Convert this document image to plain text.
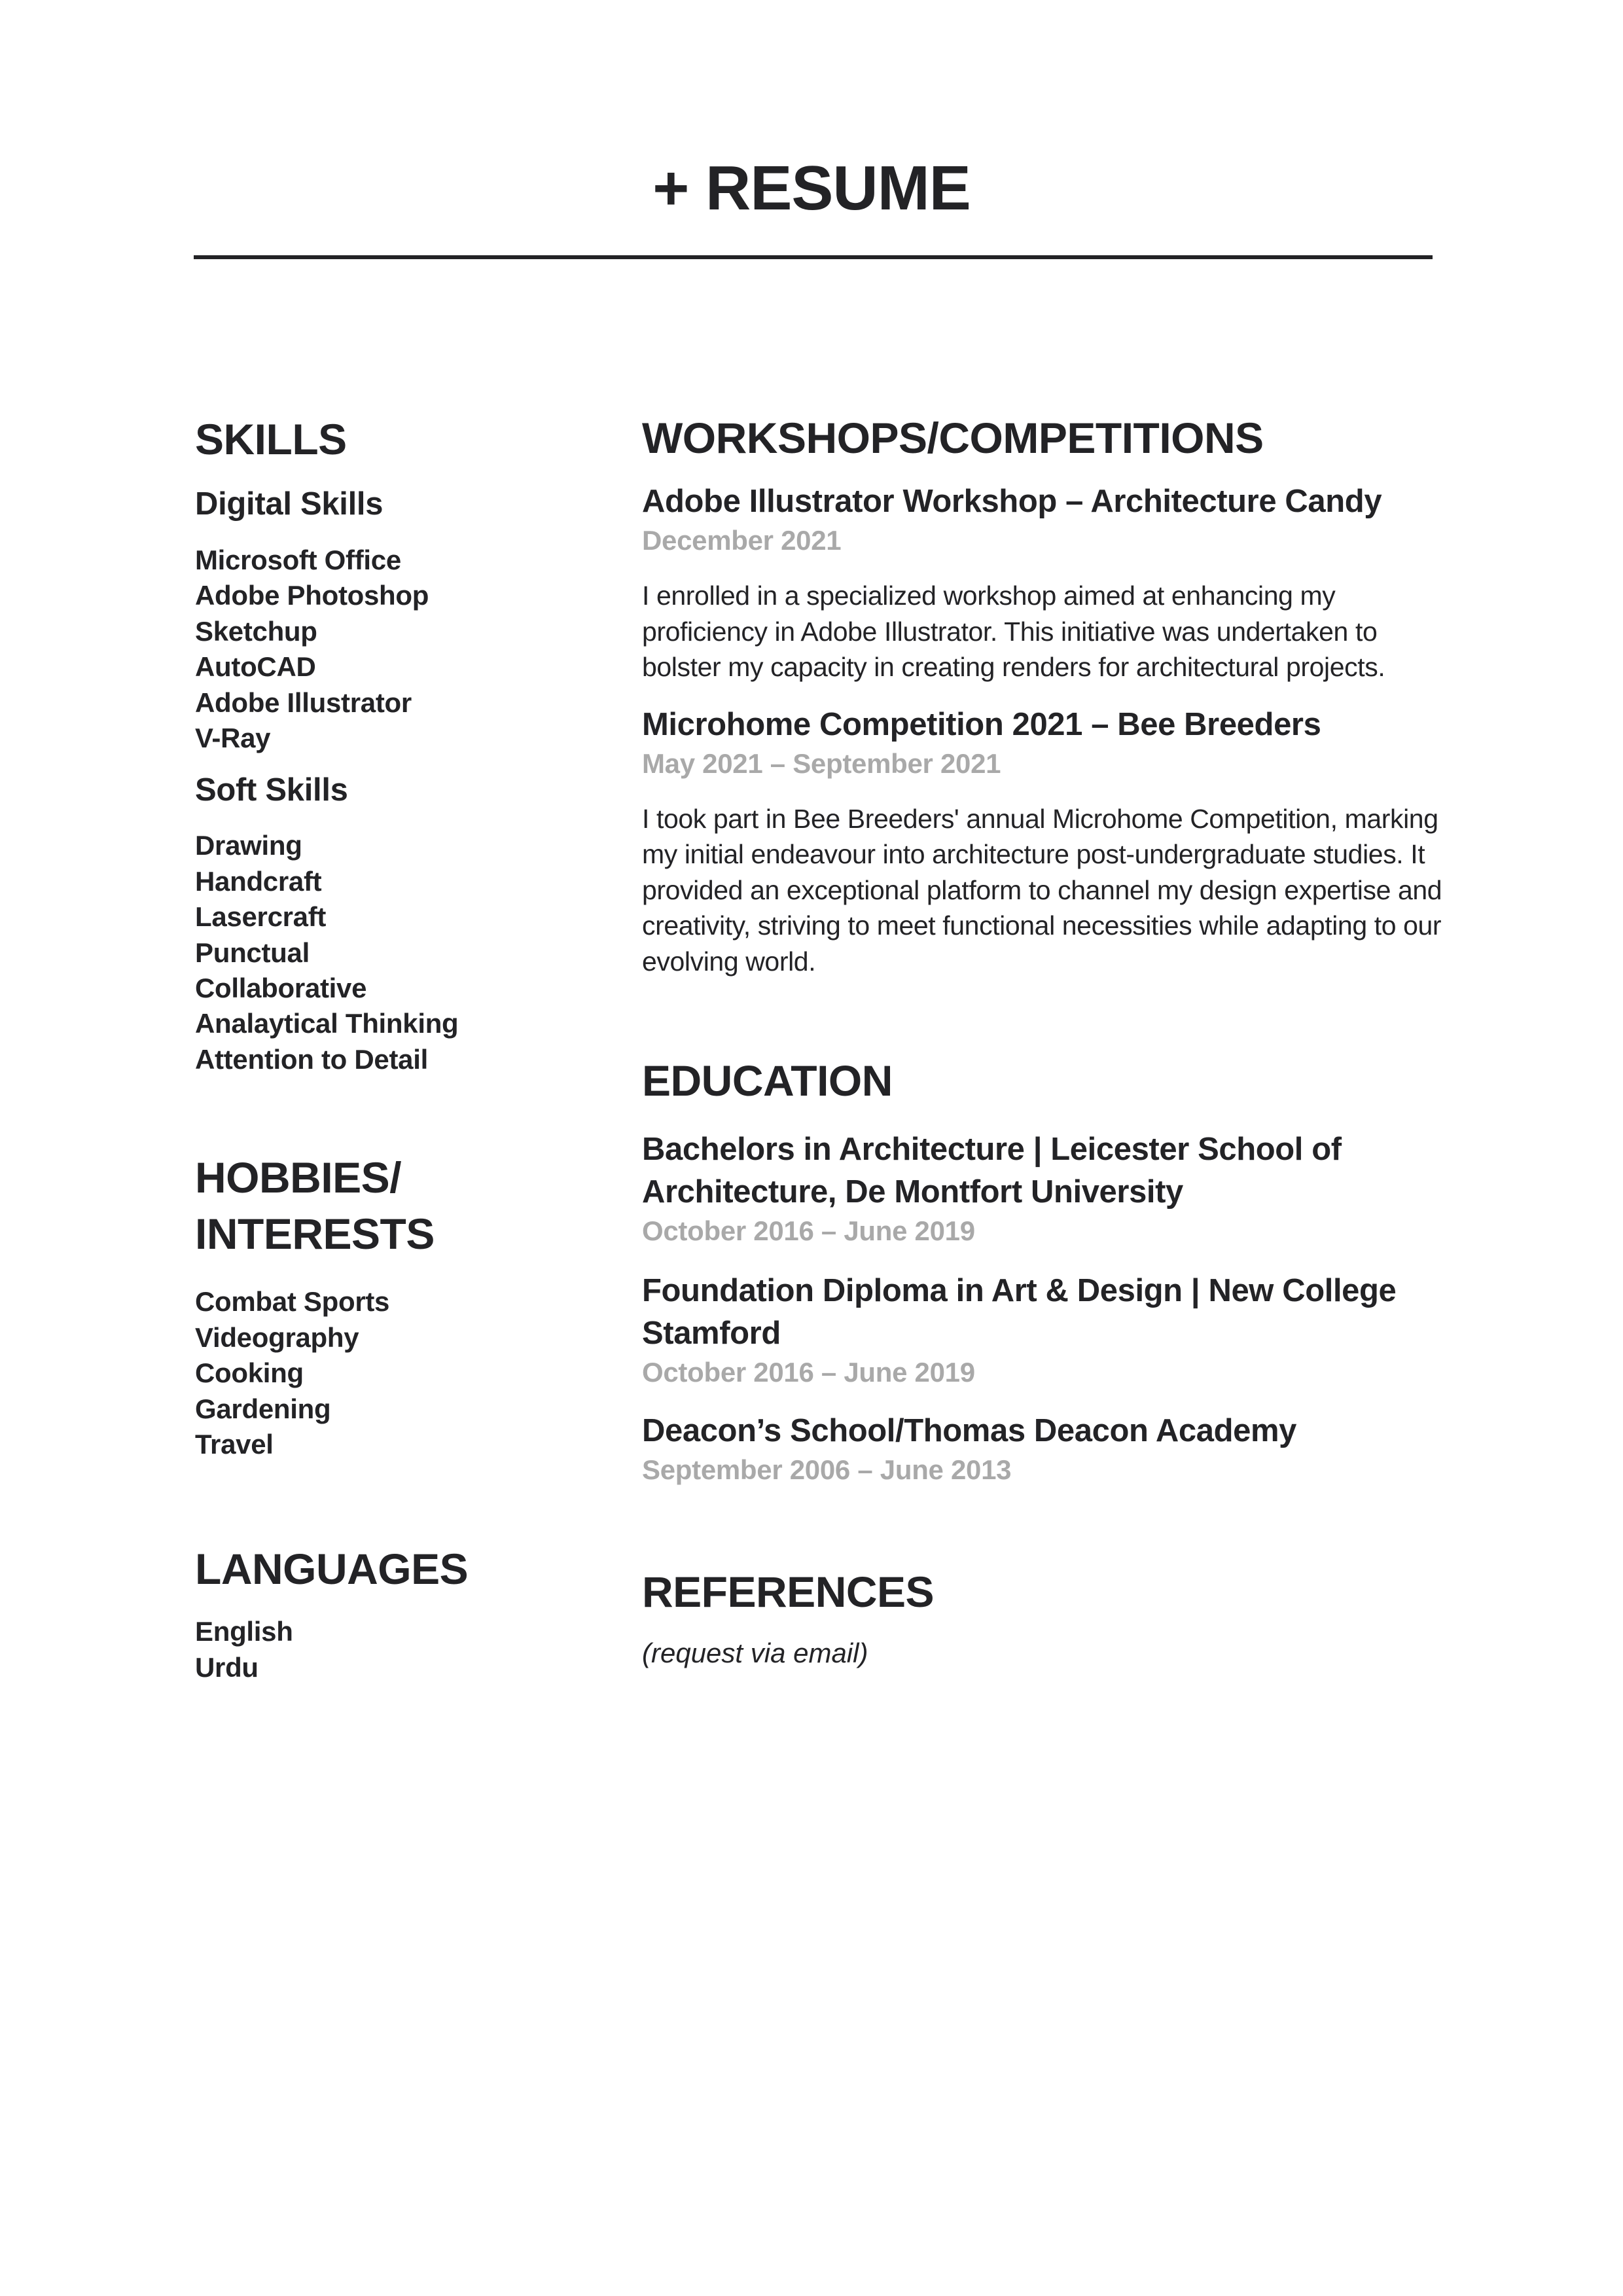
+ RESUME
SKILLS
Digital Skills
Microsoft Office
Adobe Photoshop
Sketchup
AutoCAD
Adobe Illustrator
V-Ray
Soft Skills
Drawing
Handcraft
Lasercraft
Punctual
Collaborative
Analaytical Thinking
Attention to Detail
HOBBIES/
INTERESTS
Combat Sports
Videography
Cooking
Gardening
Travel
LANGUAGES
English
Urdu
WORKSHOPS/COMPETITIONS
Adobe Illustrator Workshop – Architecture Candy

December 2021

I enrolled in a specialized workshop aimed at enhancing my proficiency in Adobe Illustrator. This initiative was undertaken to bolster my capacity in creating renders for architectural projects.

Microhome Competition 2021 – Bee Breeders

May 2021 – September 2021

I took part in Bee Breeders' annual Microhome Competition, marking my initial endeavour into architecture post-undergraduate studies. It provided an exceptional platform to channel my design expertise and creativity, striving to meet functional necessities while adapting to our evolving world.

EDUCATION
Bachelors in Architecture | Leicester School of Architecture, De Montfort University

October 2016 – June 2019

Foundation Diploma in Art & Design | New College Stamford

October 2016 – June 2019

Deacon’s School/Thomas Deacon Academy

September 2006 – June 2013

REFERENCES

(request via email)
